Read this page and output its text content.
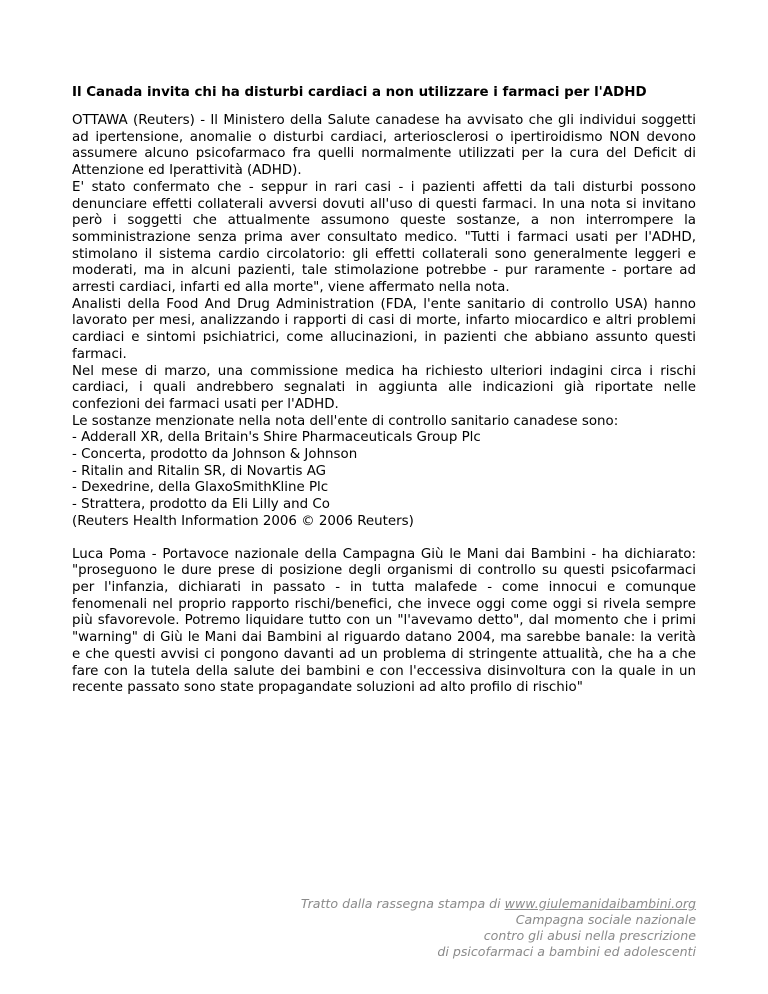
Il Canada invita chi ha disturbi cardiaci a non utilizzare i farmaci per l'ADHD

OTTAWA (Reuters) - Il Ministero della Salute canadese ha avvisato che gli individui soggetti ad ipertensione, anomalie o disturbi cardiaci, arteriosclerosi o ipertiroidismo NON devono assumere alcuno psicofarmaco fra quelli normalmente utilizzati per la cura del Deficit di Attenzione ed Iperattività (ADHD).

E' stato confermato che - seppur in rari casi - i pazienti affetti da tali disturbi possono denunciare effetti collaterali avversi dovuti all'uso di questi farmaci. In una nota si invitano però i soggetti che attualmente assumono queste sostanze, a non interrompere la somministrazione senza prima aver consultato medico. "Tutti i farmaci usati per l'ADHD, stimolano il sistema cardio circolatorio: gli effetti collaterali sono generalmente leggeri e moderati, ma in alcuni pazienti, tale stimolazione potrebbe - pur raramente - portare ad arresti cardiaci, infarti ed alla morte", viene affermato nella nota.

Analisti della Food And Drug Administration (FDA, l'ente sanitario di controllo USA) hanno lavorato per mesi, analizzando i rapporti di casi di morte, infarto miocardico e altri problemi cardiaci e sintomi psichiatrici, come allucinazioni, in pazienti che abbiano assunto questi farmaci.

Nel mese di marzo, una commissione medica ha richiesto ulteriori indagini circa i rischi cardiaci, i quali andrebbero segnalati in aggiunta alle indicazioni già riportate nelle confezioni dei farmaci usati per l'ADHD.

Le sostanze menzionate nella nota dell'ente di controllo sanitario canadese sono:

- Adderall XR, della Britain's Shire Pharmaceuticals Group Plc
- Concerta, prodotto da Johnson & Johnson
- Ritalin and Ritalin SR, di Novartis AG
- Dexedrine, della GlaxoSmithKline Plc
- Strattera, prodotto da Eli Lilly and Co

(Reuters Health Information 2006 © 2006 Reuters)

Luca Poma - Portavoce nazionale della Campagna Giù le Mani dai Bambini - ha dichiarato: "proseguono le dure prese di posizione degli organismi di controllo su questi psicofarmaci per l'infanzia, dichiarati in passato - in tutta malafede - come innocui e comunque fenomenali nel proprio rapporto rischi/benefici, che invece oggi come oggi si rivela sempre più sfavorevole. Potremo liquidare tutto con un "l'avevamo detto", dal momento che i primi "warning" di Giù le Mani dai Bambini al riguardo datano 2004, ma sarebbe banale: la verità e che questi avvisi ci pongono davanti ad un problema di stringente attualità, che ha a che fare con la tutela della salute dei bambini e con l'eccessiva disinvoltura con la quale in un recente passato sono state propagandate soluzioni ad alto profilo di rischio"

Tratto dalla rassegna stampa di www.giulemanidaibambini.org
Campagna sociale nazionale
contro gli abusi nella prescrizione
di psicofarmaci a bambini ed adolescenti
